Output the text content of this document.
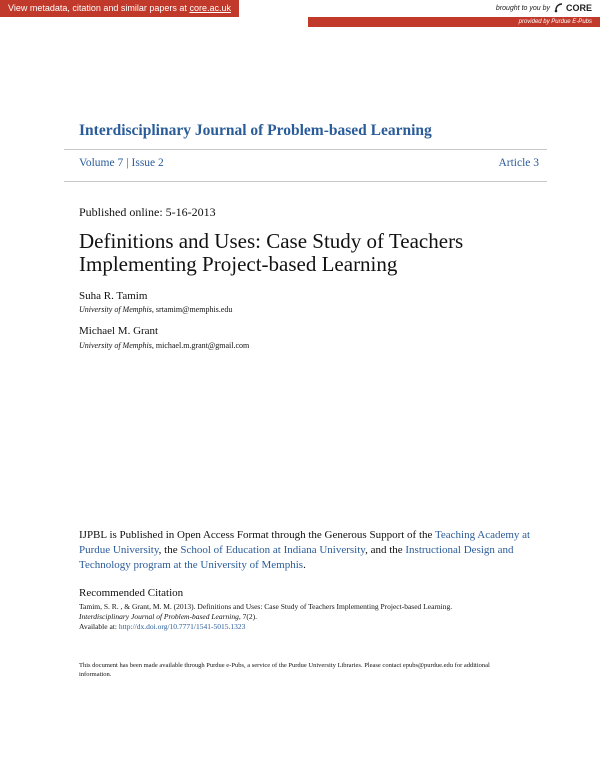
View metadata, citation and similar papers at core.ac.uk	brought to you by CORE
provided by Purdue E-Pubs
Interdisciplinary Journal of Problem-based Learning
Volume 7 | Issue 2	Article 3
Published online: 5-16-2013
Definitions and Uses: Case Study of Teachers Implementing Project-based Learning
Suha R. Tamim
University of Memphis, srtamim@memphis.edu
Michael M. Grant
University of Memphis, michael.m.grant@gmail.com
IJPBL is Published in Open Access Format through the Generous Support of the Teaching Academy at Purdue University, the School of Education at Indiana University, and the Instructional Design and Technology program at the University of Memphis.
Recommended Citation
Tamim, S. R. , & Grant, M. M. (2013). Definitions and Uses: Case Study of Teachers Implementing Project-based Learning.
Interdisciplinary Journal of Problem-based Learning, 7(2).
Available at: http://dx.doi.org/10.7771/1541-5015.1323
This document has been made available through Purdue e-Pubs, a service of the Purdue University Libraries. Please contact epubs@purdue.edu for additional information.
